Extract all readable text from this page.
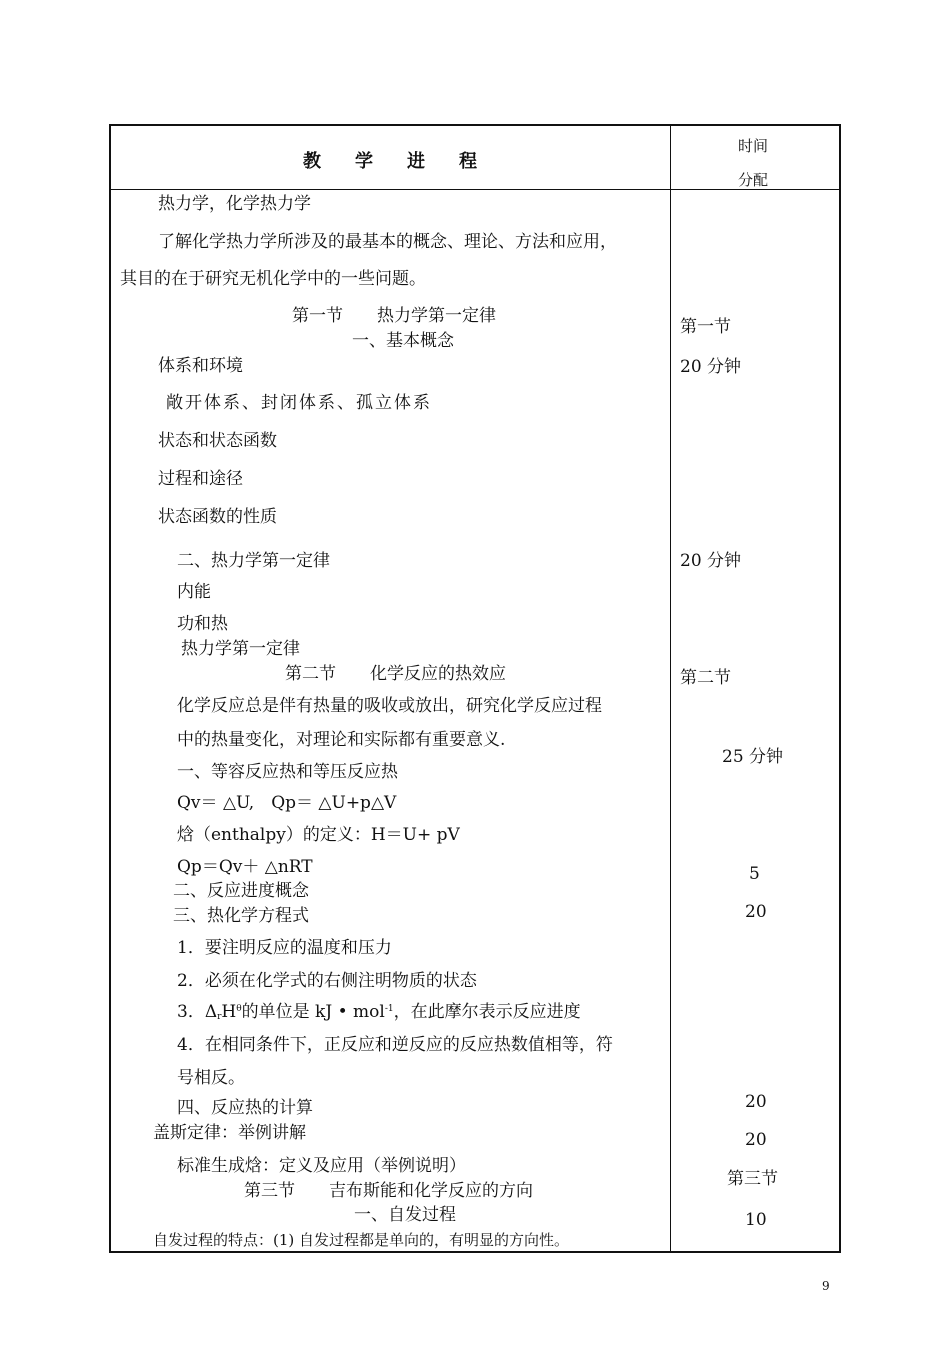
教学进程
时间
分配
热力学，化学热力学
了解化学热力学所涉及的最基本的概念、理论、方法和应用，
其目的在于研究无机化学中的一些问题。
第一节　　热力学第一定律
一、基本概念
体系和环境
敞开体系、封闭体系、孤立体系
状态和状态函数
过程和途径
状态函数的性质
二、热力学第一定律
内能
功和热
热力学第一定律
第二节　　化学反应的热效应
化学反应总是伴有热量的吸收或放出，研究化学反应过程
中的热量变化，对理论和实际都有重要意义.
一、等容反应热和等压反应热
Qv＝ △U,　Qp＝ △U+p△V
焓（enthalpy）的定义：H＝U+ pV
Qp＝Qv＋ △nRT
二、反应进度概念
三、热化学方程式
1．要注明反应的温度和压力
2．必须在化学式的右侧注明物质的状态
3．$\Delta_rH^\theta$的单位是 kJ • mol$^{-1}$，在此摩尔表示反应进度
4．在相同条件下，正反应和逆反应的反应热数值相等，符
号相反。
四、反应热的计算
盖斯定律：举例讲解
标准生成焓：定义及应用（举例说明）
第三节　　吉布斯能和化学反应的方向
一、自发过程
自发过程的特点：(1) 自发过程都是单向的，有明显的方向性。
第一节
20 分钟
20 分钟
第二节
25 分钟
5
20
20
20
第三节
10
9
